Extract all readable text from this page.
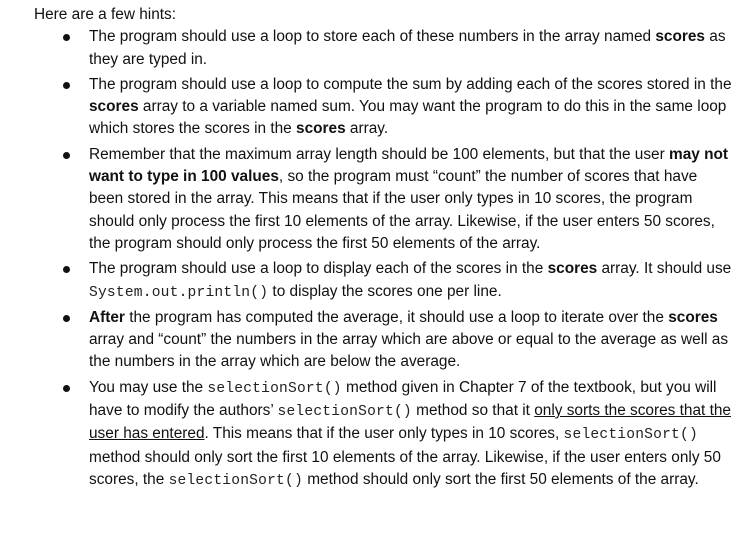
Here are a few hints:
The program should use a loop to store each of these numbers in the array named scores as they are typed in.
The program should use a loop to compute the sum by adding each of the scores stored in the scores array to a variable named sum. You may want the program to do this in the same loop which stores the scores in the scores array.
Remember that the maximum array length should be 100 elements, but that the user may not want to type in 100 values, so the program must “count” the number of scores that have been stored in the array. This means that if the user only types in 10 scores, the program should only process the first 10 elements of the array. Likewise, if the user enters 50 scores, the program should only process the first 50 elements of the array.
The program should use a loop to display each of the scores in the scores array. It should use System.out.println() to display the scores one per line.
After the program has computed the average, it should use a loop to iterate over the scores array and “count” the numbers in the array which are above or equal to the average as well as the numbers in the array which are below the average.
You may use the selectionSort() method given in Chapter 7 of the textbook, but you will have to modify the authors’ selectionSort() method so that it only sorts the scores that the user has entered. This means that if the user only types in 10 scores, selectionSort() method should only sort the first 10 elements of the array. Likewise, if the user enters only 50 scores, the selectionSort() method should only sort the first 50 elements of the array.
